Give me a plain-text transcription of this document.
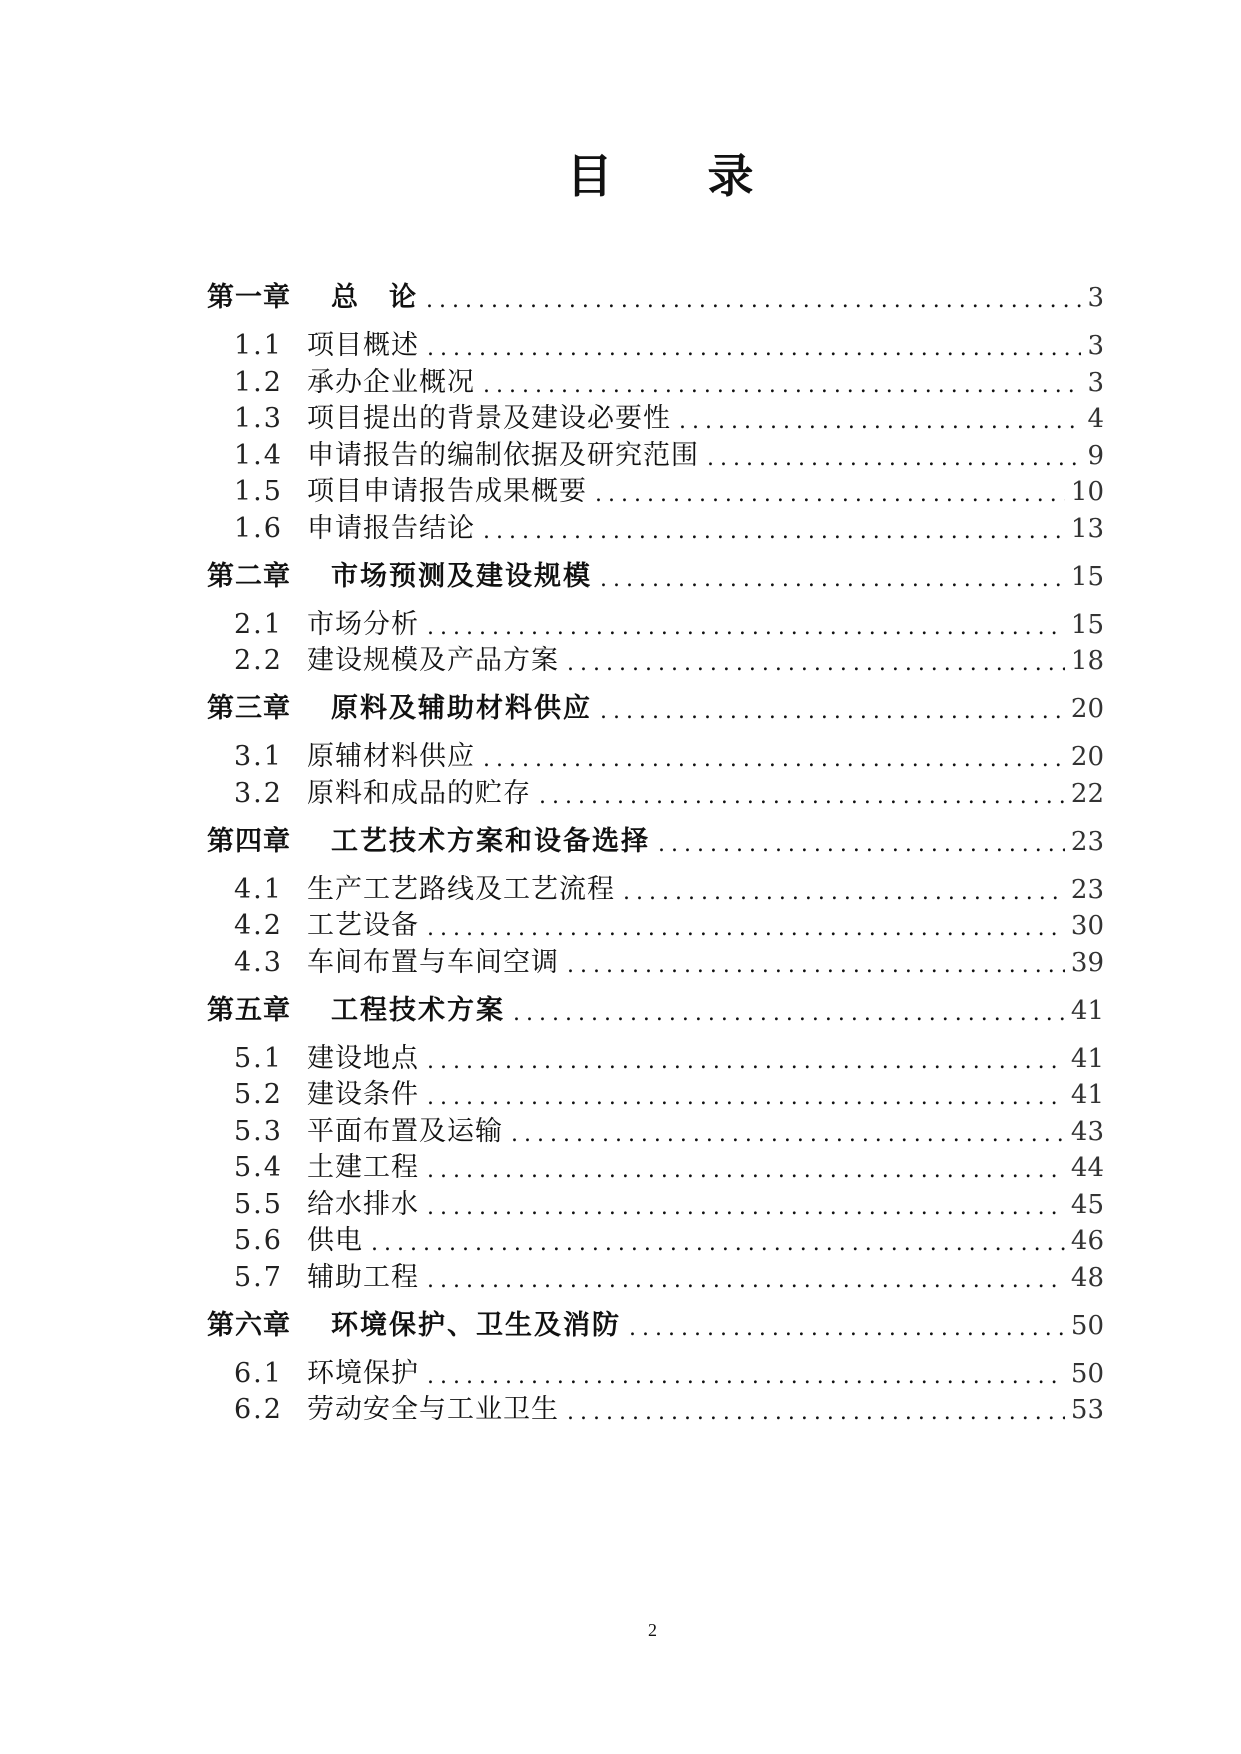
目 录
第一章	总　论 .....	3
1.1 项目概述 .....	3
1.2 承办企业概况 .....	3
1.3 项目提出的背景及建设必要性 .....	4
1.4 申请报告的编制依据及研究范围 .....	9
1.5 项目申请报告成果概要 .....	10
1.6 申请报告结论 .....	13
第二章	市场预测及建设规模 .....	15
2.1 市场分析 .....	15
2.2 建设规模及产品方案 .....	18
第三章	原料及辅助材料供应 .....	20
3.1 原辅材料供应 .....	20
3.2 原料和成品的贮存 .....	22
第四章	工艺技术方案和设备选择 .....	23
4.1 生产工艺路线及工艺流程 .....	23
4.2 工艺设备 .....	30
4.3 车间布置与车间空调 .....	39
第五章	工程技术方案 .....	41
5.1 建设地点 .....	41
5.2 建设条件 .....	41
5.3 平面布置及运输 .....	43
5.4 土建工程 .....	44
5.5 给水排水 .....	45
5.6 供电 .....	46
5.7 辅助工程 .....	48
第六章	环境保护、卫生及消防 .....	50
6.1 环境保护 .....	50
6.2 劳动安全与工业卫生 .....	53
2
